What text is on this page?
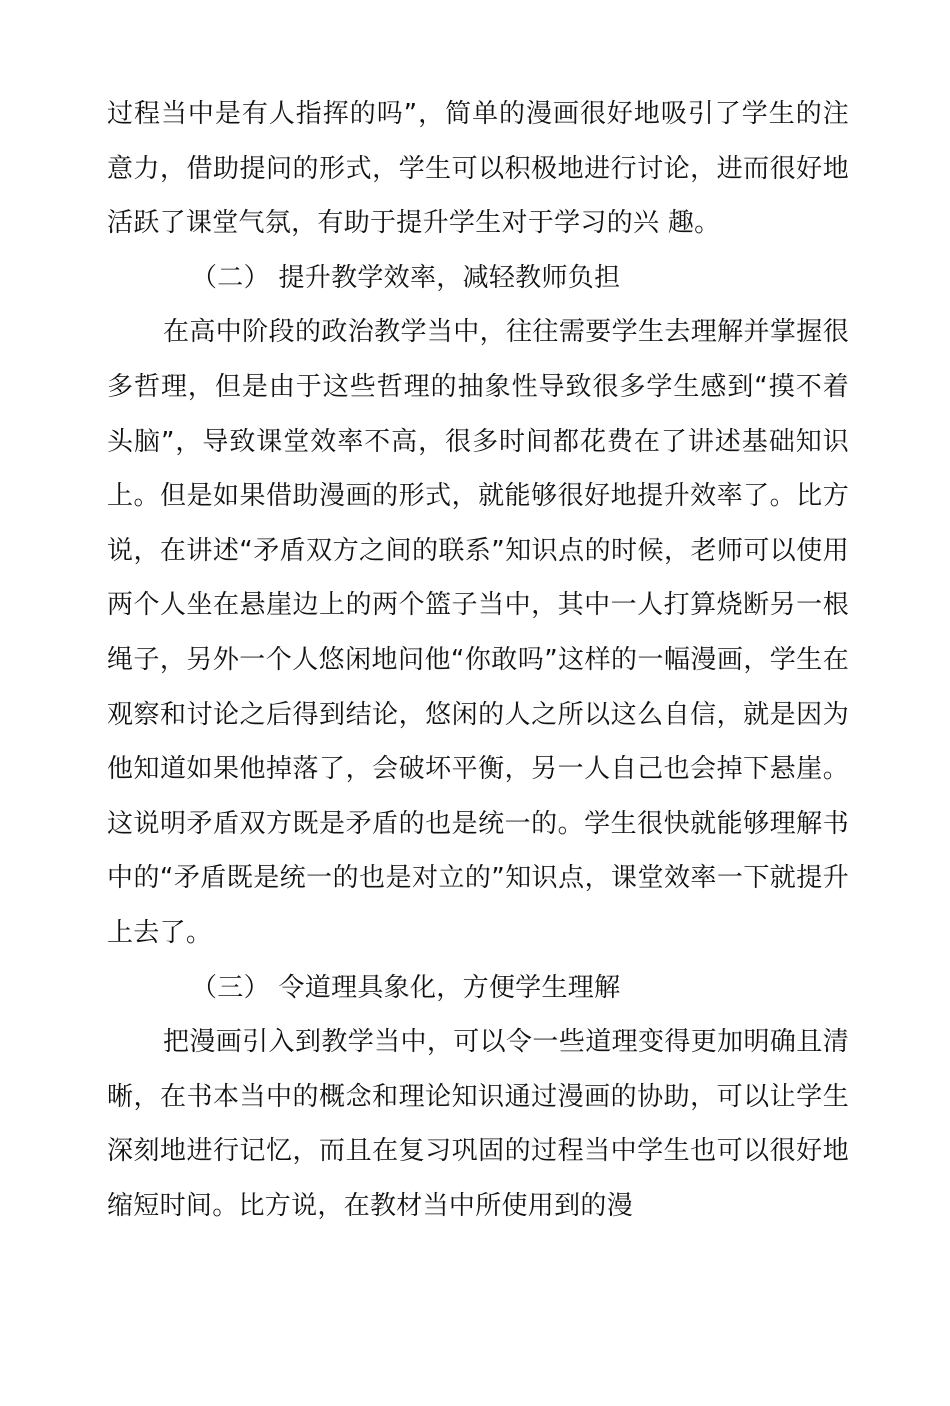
过程当中是有人指挥的吗”，简单的漫画很好地吸引了学生的注意力，借助提问的形式，学生可以积极地进行讨论，进而很好地活跃了课堂气氛，有助于提升学生对于学习的兴 趣。

（二） 提升教学效率，减轻教师负担

在高中阶段的政治教学当中，往往需要学生去理解并掌握很多哲理，但是由于这些哲理的抽象性导致很多学生感到“摸不着头脑”，导致课堂效率不高，很多时间都花费在了讲述基础知识上。但是如果借助漫画的形式，就能够很好地提升效率了。比方说，在讲述“矛盾双方之间的联系”知识点的时候，老师可以使用两个人坐在悬崖边上的两个篮子当中，其中一人打算烧断另一根绳子，另外一个人悠闲地问他“你敢吗”这样的一幅漫画，学生在观察和讨论之后得到结论，悠闲的人之所以这么自信，就是因为他知道如果他掉落了，会破坏平衡，另一人自己也会掉下悬崖。这说明矛盾双方既是矛盾的也是统一的。学生很快就能够理解书中的“矛盾既是统一的也是对立的”知识点，课堂效率一下就提升上去了。

（三） 令道理具象化，方便学生理解

把漫画引入到教学当中，可以令一些道理变得更加明确且清晰，在书本当中的概念和理论知识通过漫画的协助，可以让学生深刻地进行记忆，而且在复习巩固的过程当中学生也可以很好地缩短时间。比方说，在教材当中所使用到的漫
